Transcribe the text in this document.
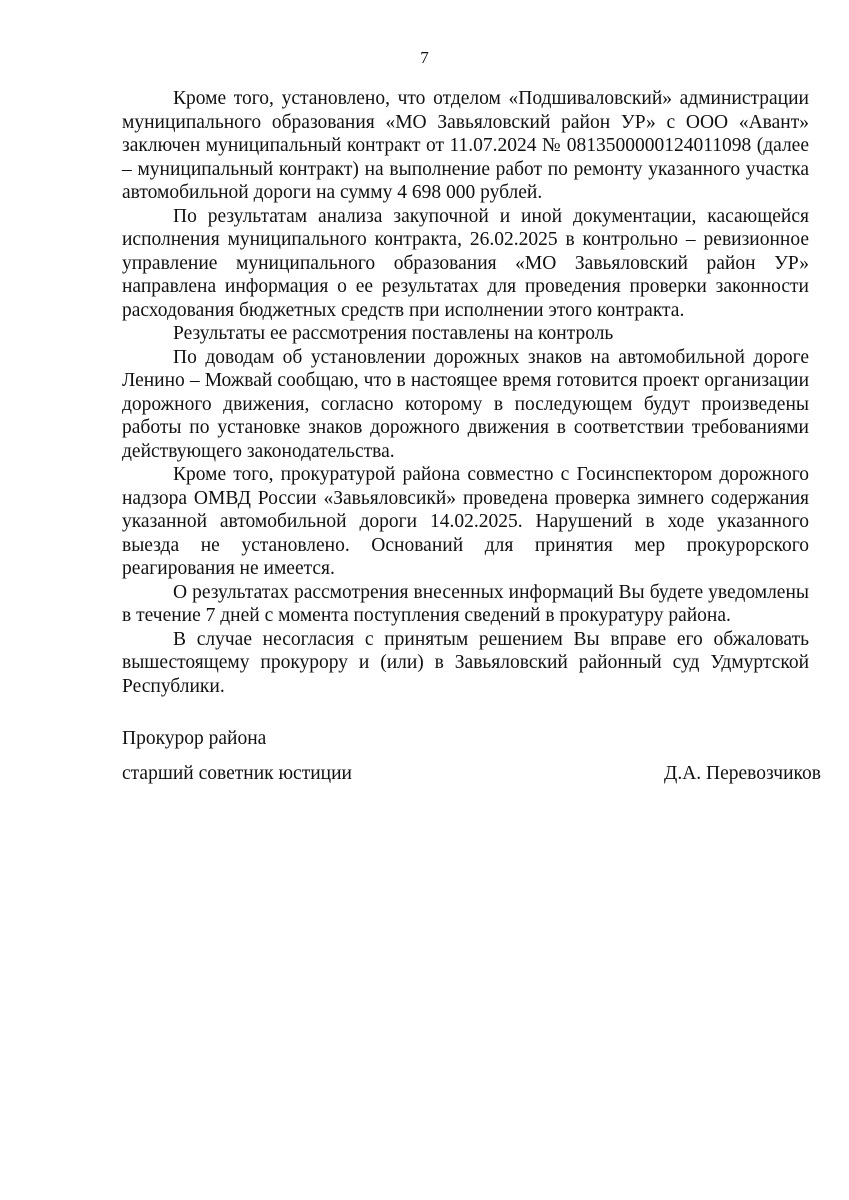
7

Кроме того, установлено, что отделом «Подшиваловский» администрации муниципального образования «МО Завьяловский район УР» с ООО «Авант» заключен муниципальный контракт от 11.07.2024 № 0813500000124011098 (далее – муниципальный контракт) на выполнение работ по ремонту указанного участка автомобильной дороги на сумму 4 698 000 рублей.

По результатам анализа закупочной и иной документации, касающейся исполнения муниципального контракта, 26.02.2025 в контрольно – ревизионное управление муниципального образования «МО Завьяловский район УР» направлена информация о ее результатах для проведения проверки законности расходования бюджетных средств при исполнении этого контракта.

Результаты ее рассмотрения поставлены на контроль

По доводам об установлении дорожных знаков на автомобильной дороге Ленино – Можвай сообщаю, что в настоящее время готовится проект организации дорожного движения, согласно которому в последующем будут произведены работы по установке знаков дорожного движения в соответствии требованиями действующего законодательства.

Кроме того, прокуратурой района совместно с Госинспектором дорожного надзора ОМВД России «Завьяловсикй» проведена проверка зимнего содержания указанной автомобильной дороги 14.02.2025. Нарушений в ходе указанного выезда не установлено. Оснований для принятия мер прокурорского реагирования не имеется.

О результатах рассмотрения внесенных информаций Вы будете уведомлены в течение 7 дней с момента поступления сведений в прокуратуру района.

В случае несогласия с принятым решением Вы вправе его обжаловать вышестоящему прокурору и (или) в Завьяловский районный суд Удмуртской Республики.

Прокурор района
старший советник юстиции	Д.А. Перевозчиков
